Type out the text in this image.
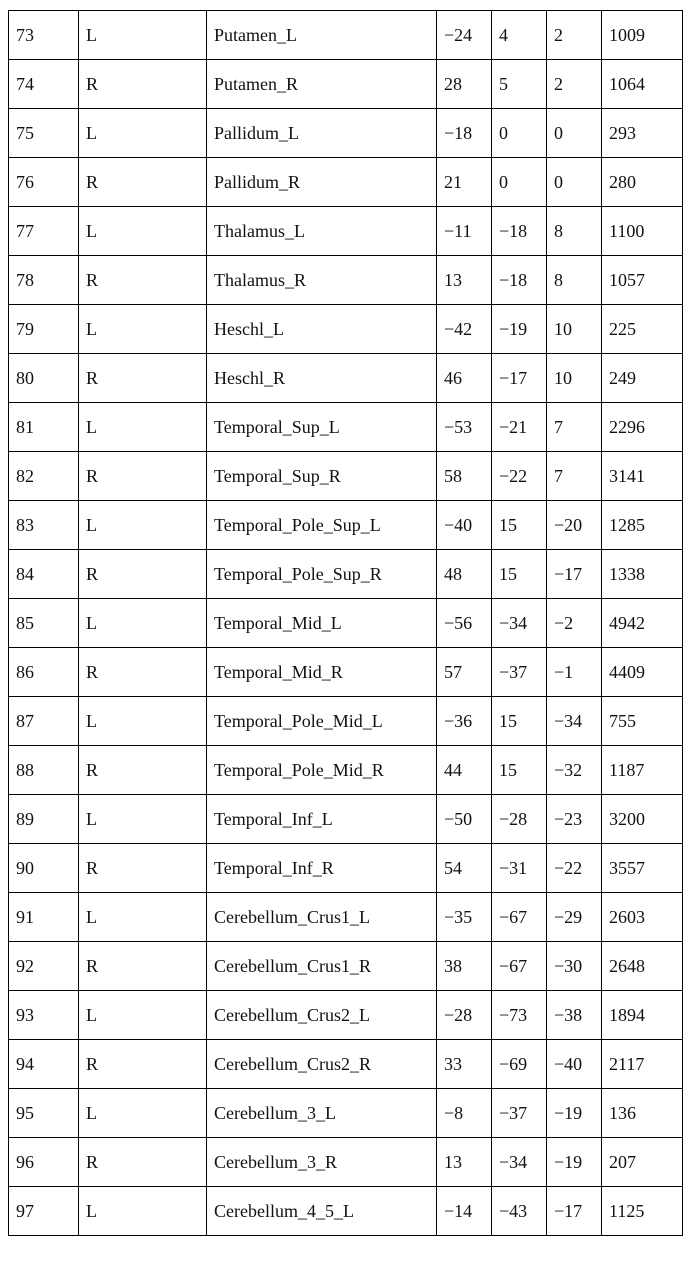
73	L	Putamen_L	−24	4	2	1009
74	R	Putamen_R	28	5	2	1064
75	L	Pallidum_L	−18	0	0	293
76	R	Pallidum_R	21	0	0	280
77	L	Thalamus_L	−11	−18	8	1100
78	R	Thalamus_R	13	−18	8	1057
79	L	Heschl_L	−42	−19	10	225
80	R	Heschl_R	46	−17	10	249
81	L	Temporal_Sup_L	−53	−21	7	2296
82	R	Temporal_Sup_R	58	−22	7	3141
83	L	Temporal_Pole_Sup_L	−40	15	−20	1285
84	R	Temporal_Pole_Sup_R	48	15	−17	1338
85	L	Temporal_Mid_L	−56	−34	−2	4942
86	R	Temporal_Mid_R	57	−37	−1	4409
87	L	Temporal_Pole_Mid_L	−36	15	−34	755
88	R	Temporal_Pole_Mid_R	44	15	−32	1187
89	L	Temporal_Inf_L	−50	−28	−23	3200
90	R	Temporal_Inf_R	54	−31	−22	3557
91	L	Cerebellum_Crus1_L	−35	−67	−29	2603
92	R	Cerebellum_Crus1_R	38	−67	−30	2648
93	L	Cerebellum_Crus2_L	−28	−73	−38	1894
94	R	Cerebellum_Crus2_R	33	−69	−40	2117
95	L	Cerebellum_3_L	−8	−37	−19	136
96	R	Cerebellum_3_R	13	−34	−19	207
97	L	Cerebellum_4_5_L	−14	−43	−17	1125
